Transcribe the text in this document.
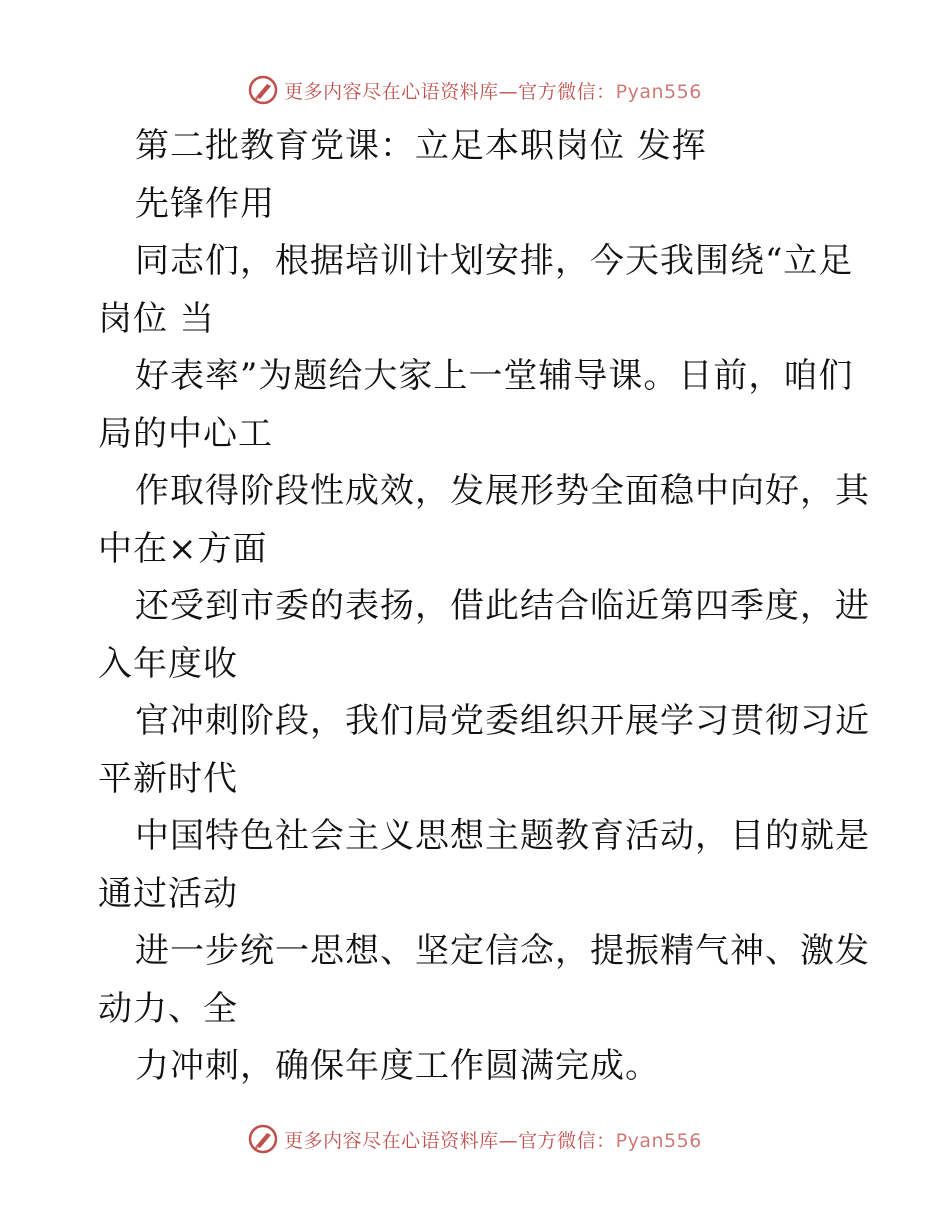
更多内容尽在心语资料库—官方微信：Pyan556
第二批教育党课：立足本职岗位 发挥
先锋作用
同志们，根据培训计划安排，今天我围绕“立足
岗位 当
好表率”为题给大家上一堂辅导课。日前，咱们
局的中心工
作取得阶段性成效，发展形势全面稳中向好，其
中在×方面
还受到市委的表扬，借此结合临近第四季度，进
入年度收
官冲刺阶段，我们局党委组织开展学习贯彻习近
平新时代
中国特色社会主义思想主题教育活动，目的就是
通过活动
进一步统一思想、坚定信念，提振精气神、激发
动力、全
力冲刺，确保年度工作圆满完成。
更多内容尽在心语资料库—官方微信：Pyan556
